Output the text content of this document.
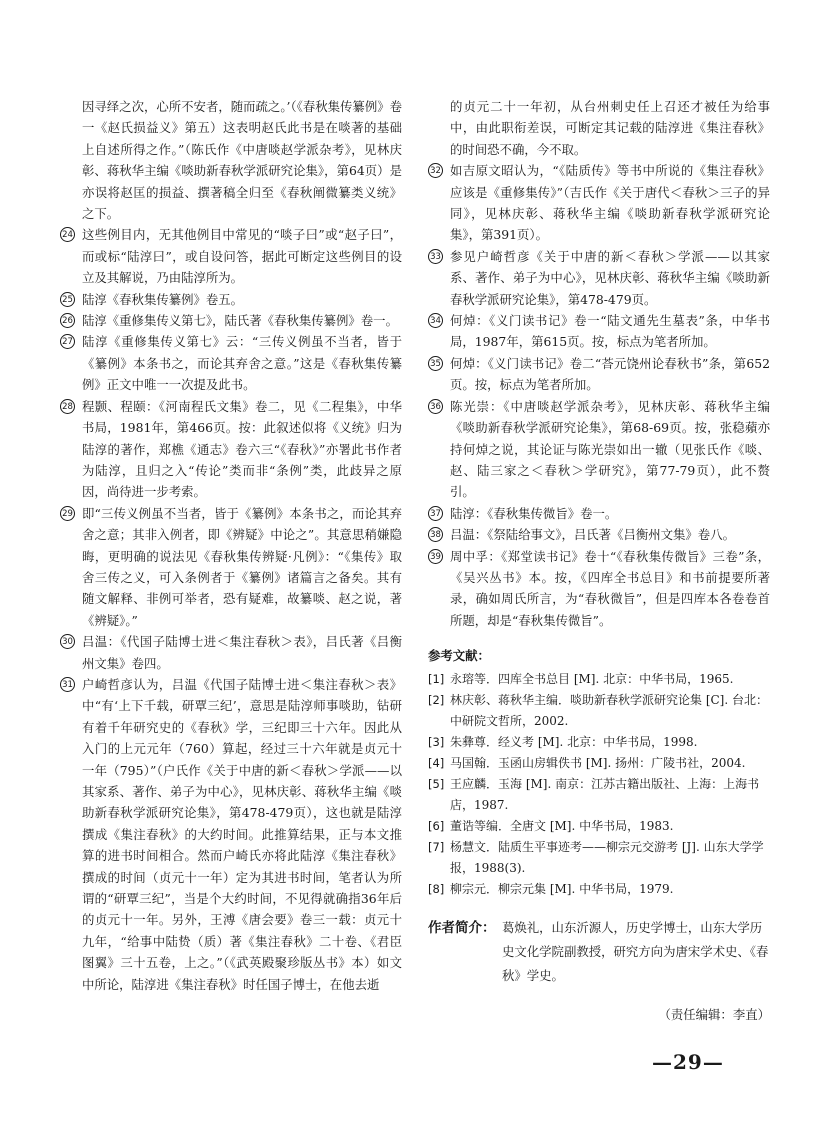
因寻绎之次，心所不安者，随而疏之。’（《春秋集传纂例》卷一《赵氏损益义》第五）这表明赵氏此书是在啖著的基础上自述所得之作。”（陈氏作《中唐啖赵学派杂考》，见林庆彰、蒋秋华主编《啖助新春秋学派研究论集》，第64页）是亦误将赵匡的损益、撰著稿全归至《春秋阐微纂类义统》之下。

24 这些例目内，无其他例目中常见的“啖子曰”或“赵子曰”，而或标“陆淳曰”，或自设问答，据此可断定这些例目的设立及其解说，乃由陆淳所为。

25 陆淳《春秋集传纂例》卷五。

26 陆淳《重修集传义第七》，陆氏著《春秋集传纂例》卷一。

27 陆淳《重修集传义第七》云：“三传义例虽不当者，皆于《纂例》本条书之，而论其弃舍之意。”这是《春秋集传纂例》正文中唯一一次提及此书。

28 程颢、程颐：《河南程氏文集》卷二，见《二程集》，中华书局，1981年，第466页。按：此叙述似将《义统》归为陆淳的著作，郑樵《通志》卷六三“《春秋》”亦署此书作者为陆淳，且归之入“传论”类而非“条例”类，此歧异之原因，尚待进一步考索。

29 即“三传义例虽不当者，皆于《纂例》本条书之，而论其弃舍之意；其非入例者，即《辨疑》中论之”。其意思稍嫌隐晦，更明确的说法见《春秋集传辨疑·凡例》：“《集传》取舍三传之义，可入条例者于《纂例》诸篇言之备矣。其有随文解释、非例可举者，恐有疑难，故纂啖、赵之说，著《辨疑》。”

30 吕温：《代国子陆博士进＜集注春秋＞表》，吕氏著《吕衡州文集》卷四。

31 户崎哲彦认为，吕温《代国子陆博士进＜集注春秋＞表》中“有‘上下千载，研覃三纪’，意思是陆淳师事啖助，钻研有着千年研究史的《春秋》学，三纪即三十六年。因此从入门的上元元年（760）算起，经过三十六年就是贞元十一年（795）”（户氏作《关于中唐的新＜春秋＞学派——以其家系、著作、弟子为中心》，见林庆彰、蒋秋华主编《啖助新春秋学派研究论集》，第478-479页），这也就是陆淳撰成《集注春秋》的大约时间。此推算结果，正与本文推算的进书时间相合。然而户崎氏亦将此陆淳《集注春秋》撰成的时间（贞元十一年）定为其进书时间，笔者认为所谓的“研覃三纪”，当是个大约时间，不见得就确指36年后的贞元十一年。另外，王溥《唐会要》卷三一载：贞元十九年，“给事中陆贽（质）著《集注春秋》二十卷、《君臣图翼》三十五卷，上之。”（《武英殿聚珍版丛书》本）如文中所论，陆淳进《集注春秋》时任国子博士，在他去逝

的贞元二十一年初，从台州刺史任上召还才被任为给事中，由此职衔差误，可断定其记载的陆淳进《集注春秋》的时间恐不确，今不取。

32 如吉原文昭认为，“《陆质传》等书中所说的《集注春秋》应该是《重修集传》”（吉氏作《关于唐代＜春秋＞三子的异同》，见林庆彰、蒋秋华主编《啖助新春秋学派研究论集》，第391页）。

33 参见户崎哲彦《关于中唐的新＜春秋＞学派——以其家系、著作、弟子为中心》，见林庆彰、蒋秋华主编《啖助新春秋学派研究论集》，第478-479页。

34 何焯：《义门读书记》卷一“陆文通先生墓表”条，中华书局，1987年，第615页。按，标点为笔者所加。

35 何焯：《义门读书记》卷二“荅元饶州论春秋书”条，第652页。按，标点为笔者所加。

36 陈光崇：《中唐啖赵学派杂考》，见林庆彰、蒋秋华主编《啖助新春秋学派研究论集》，第68-69页。按，张稳蘋亦持何焯之说，其论证与陈光崇如出一辙（见张氏作《啖、赵、陆三家之＜春秋＞学研究》，第77-79页），此不赘引。

37 陆淳：《春秋集传微旨》卷一。

38 吕温：《祭陆给事文》，吕氏著《吕衡州文集》卷八。

39 周中孚：《郑堂读书记》卷十“《春秋集传微旨》三卷”条，《吴兴丛书》本。按，《四库全书总目》和书前提要所著录，确如周氏所言，为“春秋微旨”，但是四库本各卷卷首所题，却是“春秋集传微旨”。

参考文献：

[1] 永瑢等．四库全书总目 [M]. 北京：中华书局，1965.

[2] 林庆彰、蒋秋华主编．啖助新春秋学派研究论集 [C]. 台北：中研院文哲所，2002.

[3] 朱彝尊．经义考 [M]. 北京：中华书局，1998.

[4] 马国翰．玉函山房辑佚书 [M]. 扬州：广陵书社，2004.

[5] 王应麟．玉海 [M]. 南京：江苏古籍出版社、上海：上海书店，1987.

[6] 董诰等编．全唐文 [M]. 中华书局，1983.

[7] 杨慧文．陆质生平事迹考——柳宗元交游考 [J]. 山东大学学报，1988(3).

[8] 柳宗元．柳宗元集 [M]. 中华书局，1979.

作者简介： 葛焕礼，山东沂源人，历史学博士，山东大学历史文化学院副教授，研究方向为唐宋学术史、《春秋》学史。
（责任编辑：李直）
—29—
